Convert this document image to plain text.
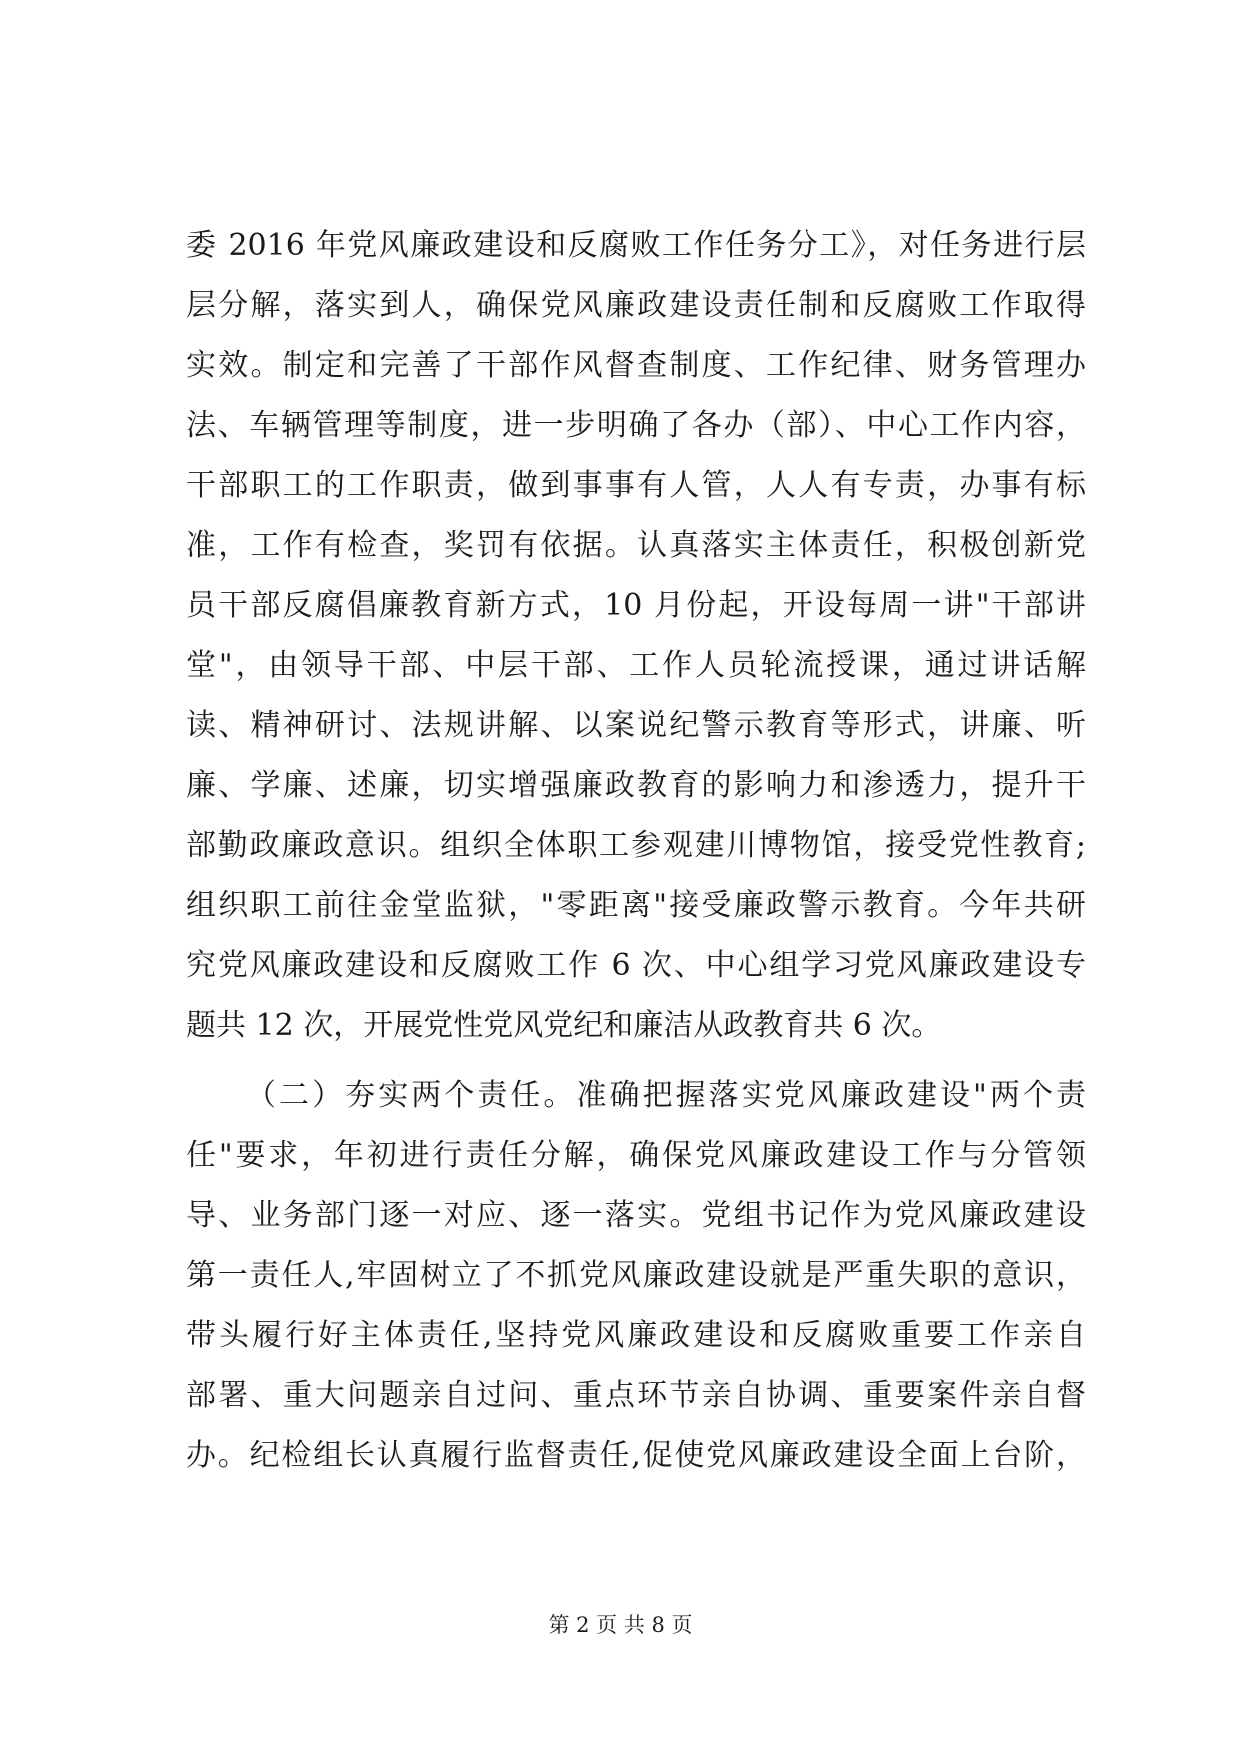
委 2016 年党风廉政建设和反腐败工作任务分工》，对任务进行层
层分解，落实到人，确保党风廉政建设责任制和反腐败工作取得
实效。制定和完善了干部作风督查制度、工作纪律、财务管理办
法、车辆管理等制度，进一步明确了各办（部）、中心工作内容，
干部职工的工作职责，做到事事有人管，人人有专责，办事有标
准，工作有检查，奖罚有依据。认真落实主体责任，积极创新党
员干部反腐倡廉教育新方式，10 月份起，开设每周一讲"干部讲
堂"，由领导干部、中层干部、工作人员轮流授课，通过讲话解
读、精神研讨、法规讲解、以案说纪警示教育等形式，讲廉、听
廉、学廉、述廉，切实增强廉政教育的影响力和渗透力，提升干
部勤政廉政意识。组织全体职工参观建川博物馆，接受党性教育;
组织职工前往金堂监狱，"零距离"接受廉政警示教育。今年共研
究党风廉政建设和反腐败工作 6 次、中心组学习党风廉政建设专
题共 12 次，开展党性党风党纪和廉洁从政教育共 6 次。
（二）夯实两个责任。准确把握落实党风廉政建设"两个责
任"要求，年初进行责任分解，确保党风廉政建设工作与分管领
导、业务部门逐一对应、逐一落实。党组书记作为党风廉政建设
第一责任人,牢固树立了不抓党风廉政建设就是严重失职的意识，
带头履行好主体责任,坚持党风廉政建设和反腐败重要工作亲自
部署、重大问题亲自过问、重点环节亲自协调、重要案件亲自督
办。纪检组长认真履行监督责任,促使党风廉政建设全面上台阶，
第 2 页 共 8 页
